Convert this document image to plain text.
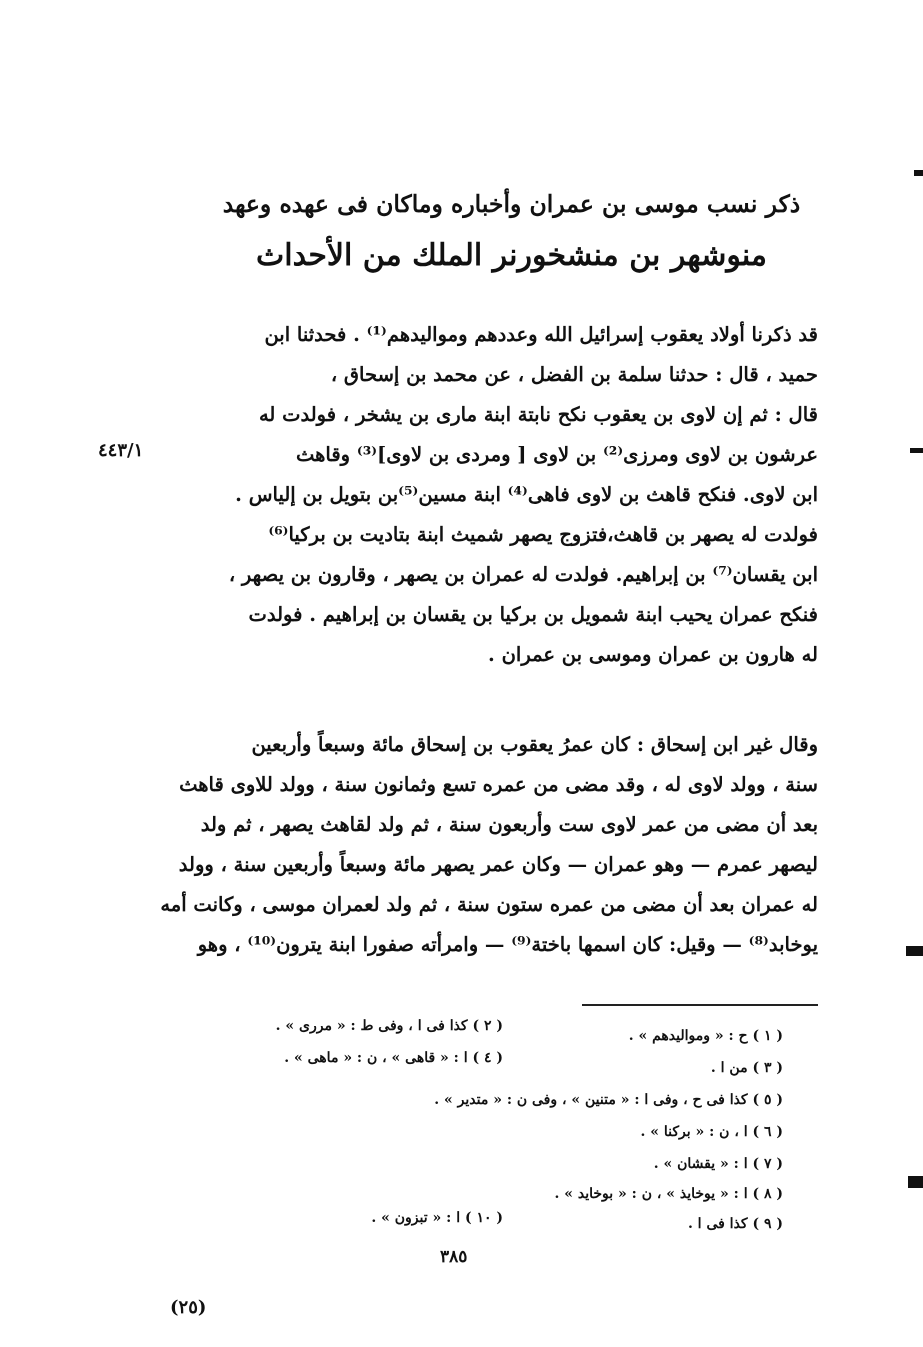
ذكر نسب موسى بن عمران وأخباره وماكان فى عهده وعهد
منوشهر بن منشخورنر الملك من الأحداث
٤٤٣/١
قد ذكرنا أولاد يعقوب إسرائيل الله وعددهم ومواليدهم⁽¹⁾ . فحدثنا ابن
حميد ، قال : حدثنا سلمة بن الفضل ، عن محمد بن إسحاق ،
قال : ثم إن لاوى بن يعقوب نكح نابتة ابنة مارى بن يشخر ، فولدت له
عرشون بن لاوى ومرزى⁽²⁾ بن لاوى [ ومردى بن لاوى]⁽³⁾ وقاهث
ابن لاوى. فنكح قاهث بن لاوى فاهى⁽⁴⁾ ابنة مسين⁽⁵⁾بن بتويل بن إلياس .
فولدت له يصهر بن قاهث،فتزوج يصهر شميث ابنة بتاديت بن بركيا⁽⁶⁾
ابن يقسان⁽⁷⁾ بن إبراهيم. فولدت له عمران بن يصهر ، وقارون بن يصهر ،
فنكح عمران يحيب ابنة شمويل بن بركيا بن يقسان بن إبراهيم . فولدت
له هارون بن عمران وموسى بن عمران .
وقال غير ابن إسحاق : كان عمرُ يعقوب بن إسحاق مائة وسبعاً وأربعين
سنة ، وولد لاوى له ، وقد مضى من عمره تسع وثمانون سنة ، وولد للاوى قاهث
بعد أن مضى من عمر لاوى ست وأربعون سنة ، ثم ولد لقاهث يصهر ، ثم ولد
ليصهر عمرم — وهو عمران — وكان عمر يصهر مائة وسبعاً وأربعين سنة ، وولد
له عمران بعد أن مضى من عمره ستون سنة ، ثم ولد لعمران موسى ، وكانت أمه
يوخابد⁽⁸⁾ — وقيل: كان اسمها باختة⁽⁹⁾ — وامرأته صفورا ابنة يترون⁽¹⁰⁾ ، وهو
( ١ ) ح : « ومواليدهم » .
( ٢ ) كذا فى ا ، وفى ط : « مررى » .
( ٣ ) من ا .
( ٤ ) ا : « قاهى » ، ن : « ماهى » .
( ٥ ) كذا فى ح ، وفى ا : « متنين » ، وفى ن : « متدير » .
( ٦ ) ا ، ن : « بركنا » .
( ٧ ) ا : « يقشان » .
( ٨ ) ا : « يوخايذ » ، ن : « بوخايد » .
( ٩ ) كذا فى ا .
( ١٠ ) ا : « تبزون » .
٣٨٥
(٢٥)
